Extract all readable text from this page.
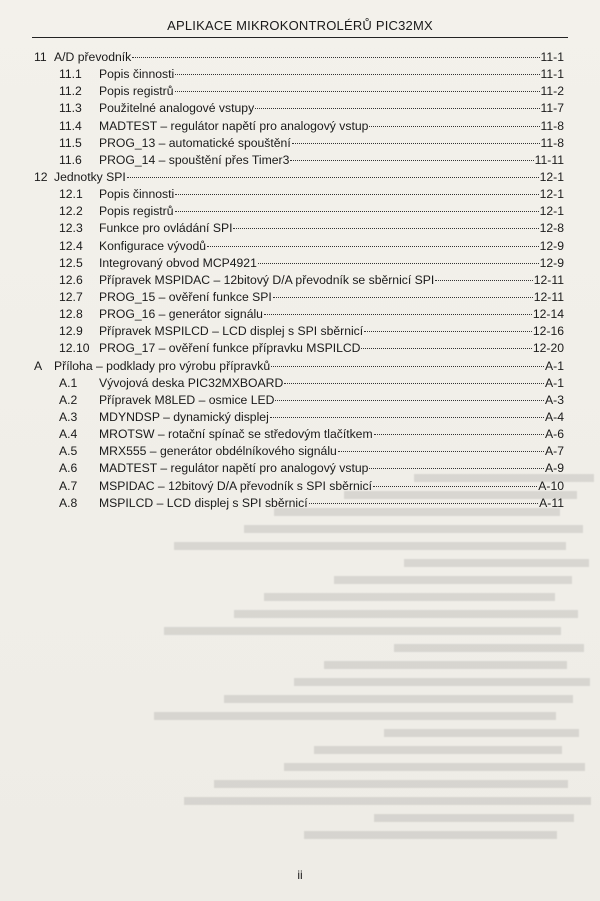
APLIKACE MIKROKONTROLÉRŮ PIC32MX
11 A/D převodník	11-1
11.1	Popis činnosti	11-1
11.2	Popis registrů	11-2
11.3	Použitelné analogové vstupy	11-7
11.4	MADTEST – regulátor napětí pro analogový vstup	11-8
11.5	PROG_13 – automatické spouštění	11-8
11.6	PROG_14 – spouštění přes Timer3	11-11
12 Jednotky SPI	12-1
12.1	Popis činnosti	12-1
12.2	Popis registrů	12-1
12.3	Funkce pro ovládání SPI	12-8
12.4	Konfigurace vývodů	12-9
12.5	Integrovaný obvod MCP4921	12-9
12.6	Přípravek MSPIDAC – 12bitový D/A převodník se sběrnicí SPI	12-11
12.7	PROG_15 – ověření funkce SPI	12-11
12.8	PROG_16 – generátor signálu	12-14
12.9	Přípravek MSPILCD – LCD displej s SPI sběrnicí	12-16
12.10 PROG_17 – ověření funkce přípravku MSPILCD	12-20
A Příloha – podklady pro výrobu přípravků	A-1
A.1	Vývojová deska PIC32MXBOARD	A-1
A.2	Přípravek M8LED – osmice LED	A-3
A.3	MDYNDSP – dynamický displej	A-4
A.4	MROTSW – rotační spínač se středovým tlačítkem	A-6
A.5	MRX555 – generátor obdélníkového signálu	A-7
A.6	MADTEST – regulátor napětí pro analogový vstup	A-9
A.7	MSPIDAC – 12bitový D/A převodník s SPI sběrnicí	A-10
A.8	MSPILCD – LCD displej s SPI sběrnicí	A-11
ii
